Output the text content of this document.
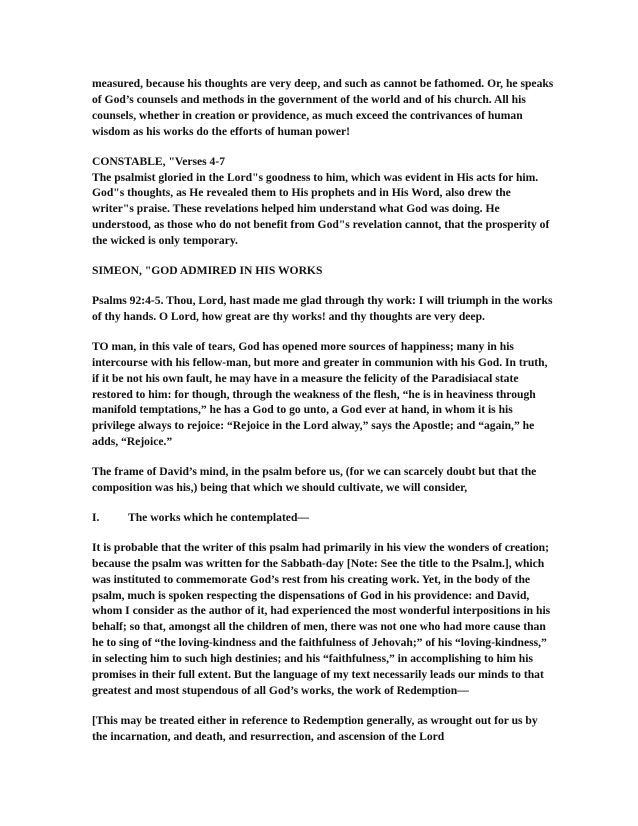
measured, because his thoughts are very deep, and such as cannot be fathomed. Or, he speaks of God’s counsels and methods in the government of the world and of his church. All his counsels, whether in creation or providence, as much exceed the contrivances of human wisdom as his works do the efforts of human power!

CONSTABLE, "Verses 4-7
The psalmist gloried in the Lord"s goodness to him, which was evident in His acts for him. God"s thoughts, as He revealed them to His prophets and in His Word, also drew the writer"s praise. These revelations helped him understand what God was doing. He understood, as those who do not benefit from God"s revelation cannot, that the prosperity of the wicked is only temporary.

SIMEON, "GOD ADMIRED IN HIS WORKS

Psalms 92:4-5. Thou, Lord, hast made me glad through thy work: I will triumph in the works of thy hands. O Lord, how great are thy works! and thy thoughts are very deep.

TO man, in this vale of tears, God has opened more sources of happiness; many in his intercourse with his fellow-man, but more and greater in communion with his God. In truth, if it be not his own fault, he may have in a measure the felicity of the Paradisiacal state restored to him: for though, through the weakness of the flesh, “he is in heaviness through manifold temptations,” he has a God to go unto, a God ever at hand, in whom it is his privilege always to rejoice: “Rejoice in the Lord alway,” says the Apostle; and “again,” he adds, “Rejoice.”

The frame of David’s mind, in the psalm before us, (for we can scarcely doubt but that the composition was his,) being that which we should cultivate, we will consider,

I.	The works which he contemplated—

It is probable that the writer of this psalm had primarily in his view the wonders of creation; because the psalm was written for the Sabbath-day [Note: See the title to the Psalm.], which was instituted to commemorate God’s rest from his creating work. Yet, in the body of the psalm, much is spoken respecting the dispensations of God in his providence: and David, whom I consider as the author of it, had experienced the most wonderful interpositions in his behalf; so that, amongst all the children of men, there was not one who had more cause than he to sing of “the loving-kindness and the faithfulness of Jehovah;” of his “loving-kindness,” in selecting him to such high destinies; and his “faithfulness,” in accomplishing to him his promises in their full extent. But the language of my text necessarily leads our minds to that greatest and most stupendous of all God’s works, the work of Redemption—

[This may be treated either in reference to Redemption generally, as wrought out for us by the incarnation, and death, and resurrection, and ascension of the Lord
